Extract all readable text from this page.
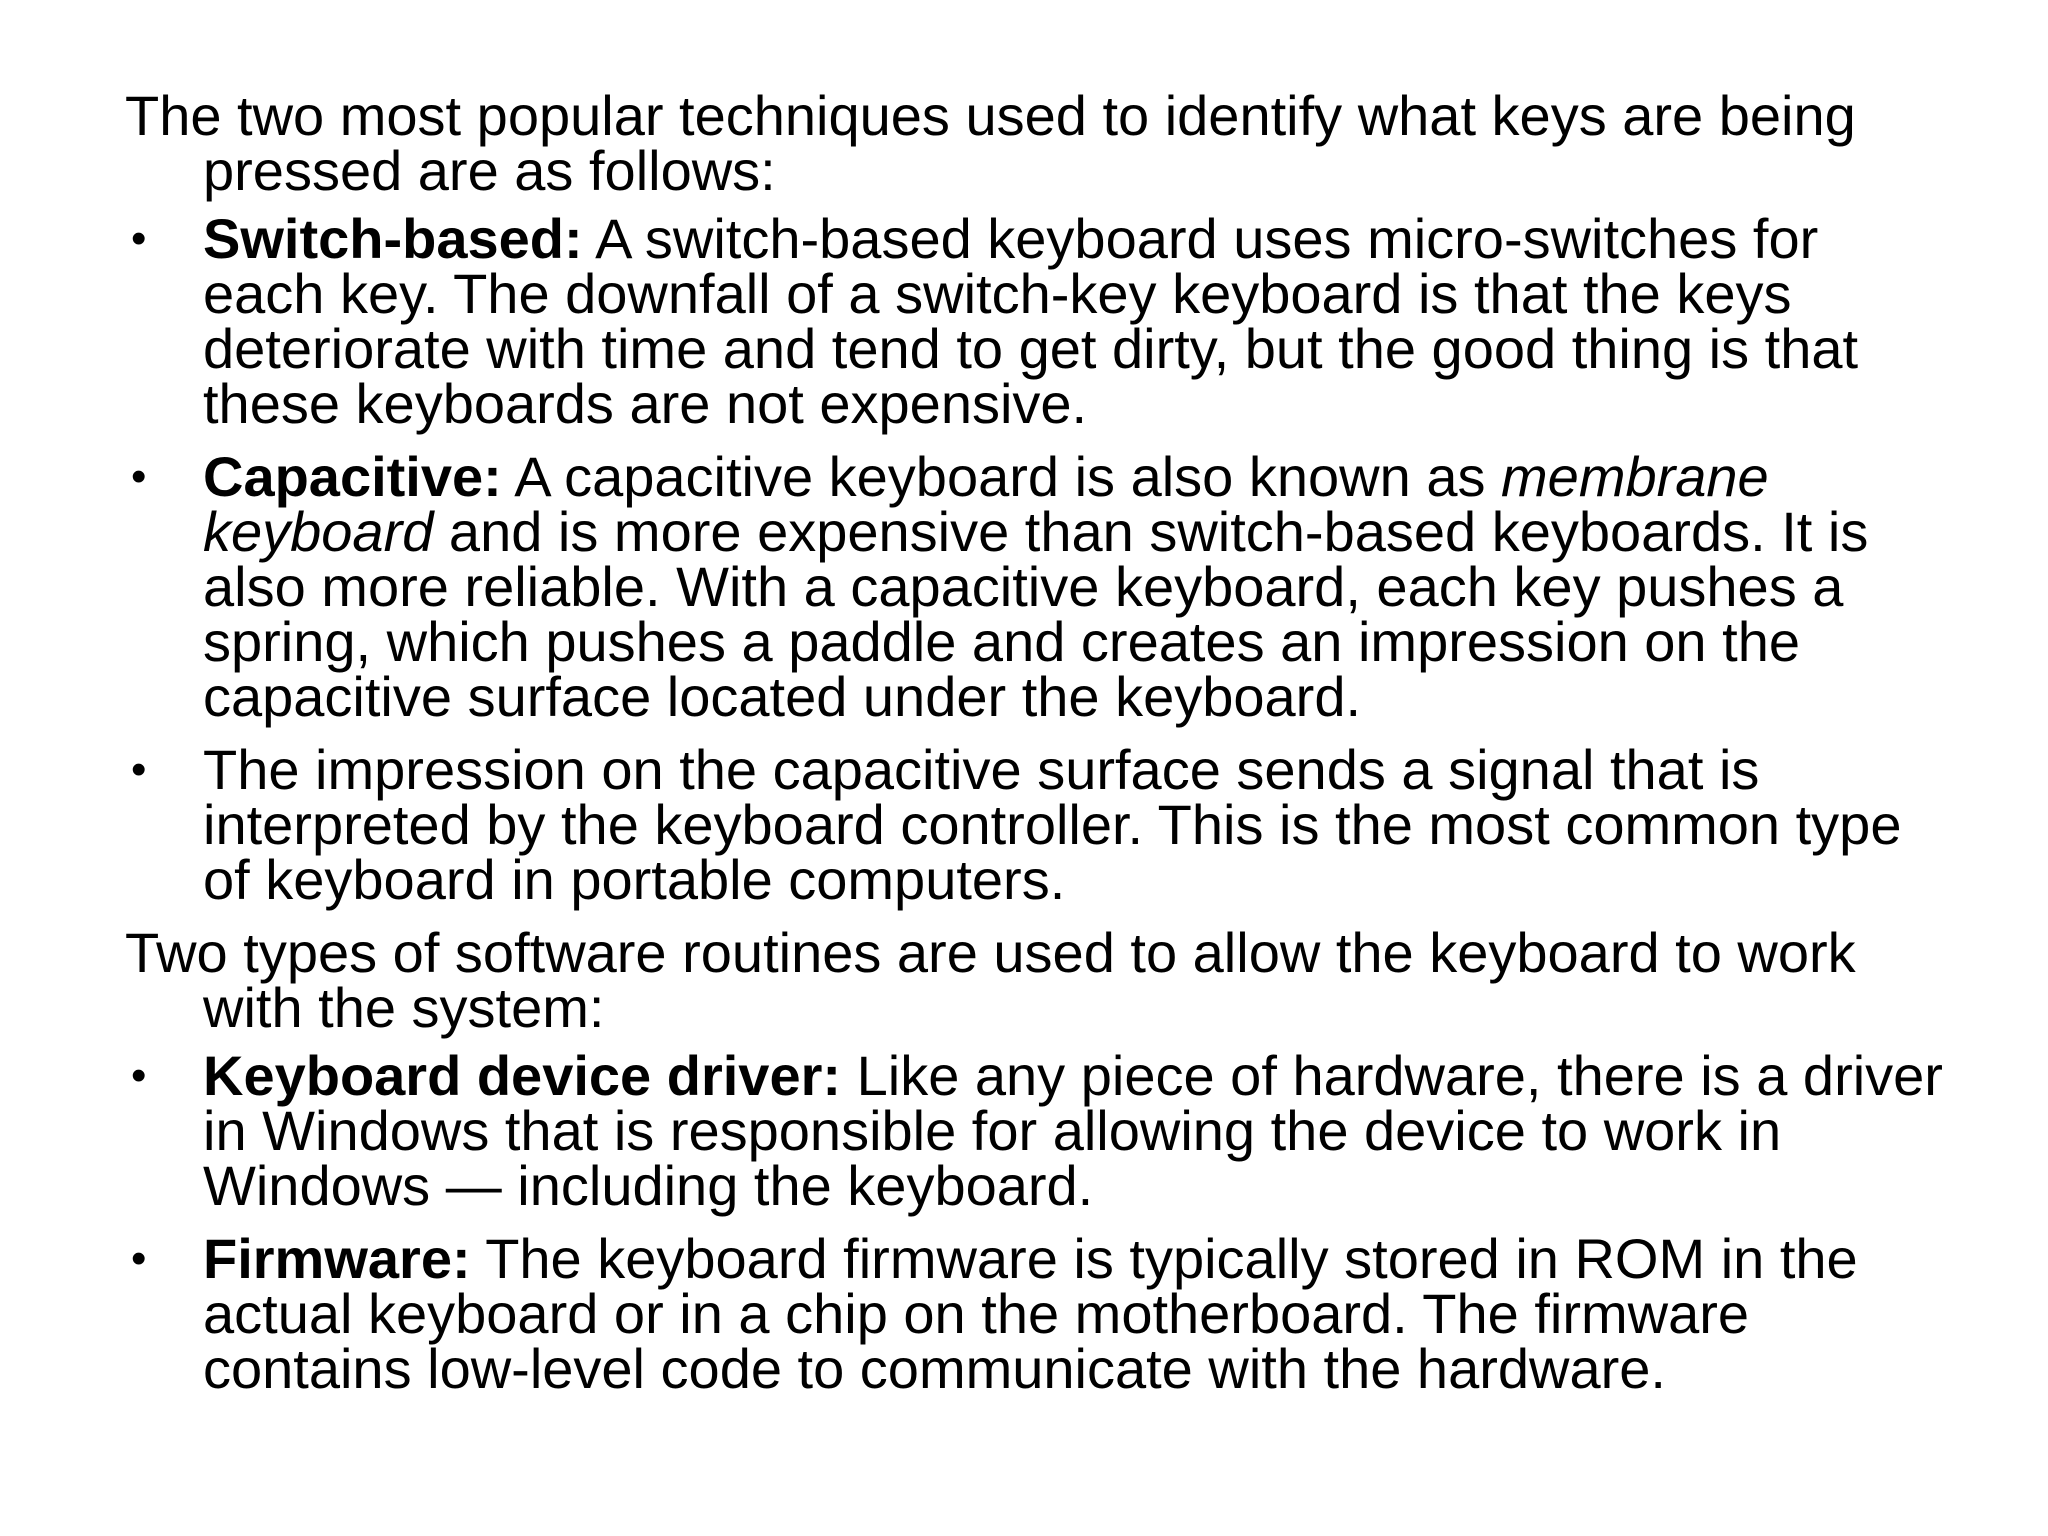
The two most popular techniques used to identify what keys are being pressed are as follows:

• Switch-based: A switch-based keyboard uses micro-switches for each key. The downfall of a switch-key keyboard is that the keys deteriorate with time and tend to get dirty, but the good thing is that these keyboards are not expensive.
• Capacitive: A capacitive keyboard is also known as membrane keyboard and is more expensive than switch-based keyboards. It is also more reliable. With a capacitive keyboard, each key pushes a spring, which pushes a paddle and creates an impression on the capacitive surface located under the keyboard.
• The impression on the capacitive surface sends a signal that is interpreted by the keyboard controller. This is the most common type of keyboard in portable computers.

Two types of software routines are used to allow the keyboard to work with the system:

• Keyboard device driver: Like any piece of hardware, there is a driver in Windows that is responsible for allowing the device to work in Windows — including the keyboard.
• Firmware: The keyboard firmware is typically stored in ROM in the actual keyboard or in a chip on the motherboard. The firmware contains low-level code to communicate with the hardware.
